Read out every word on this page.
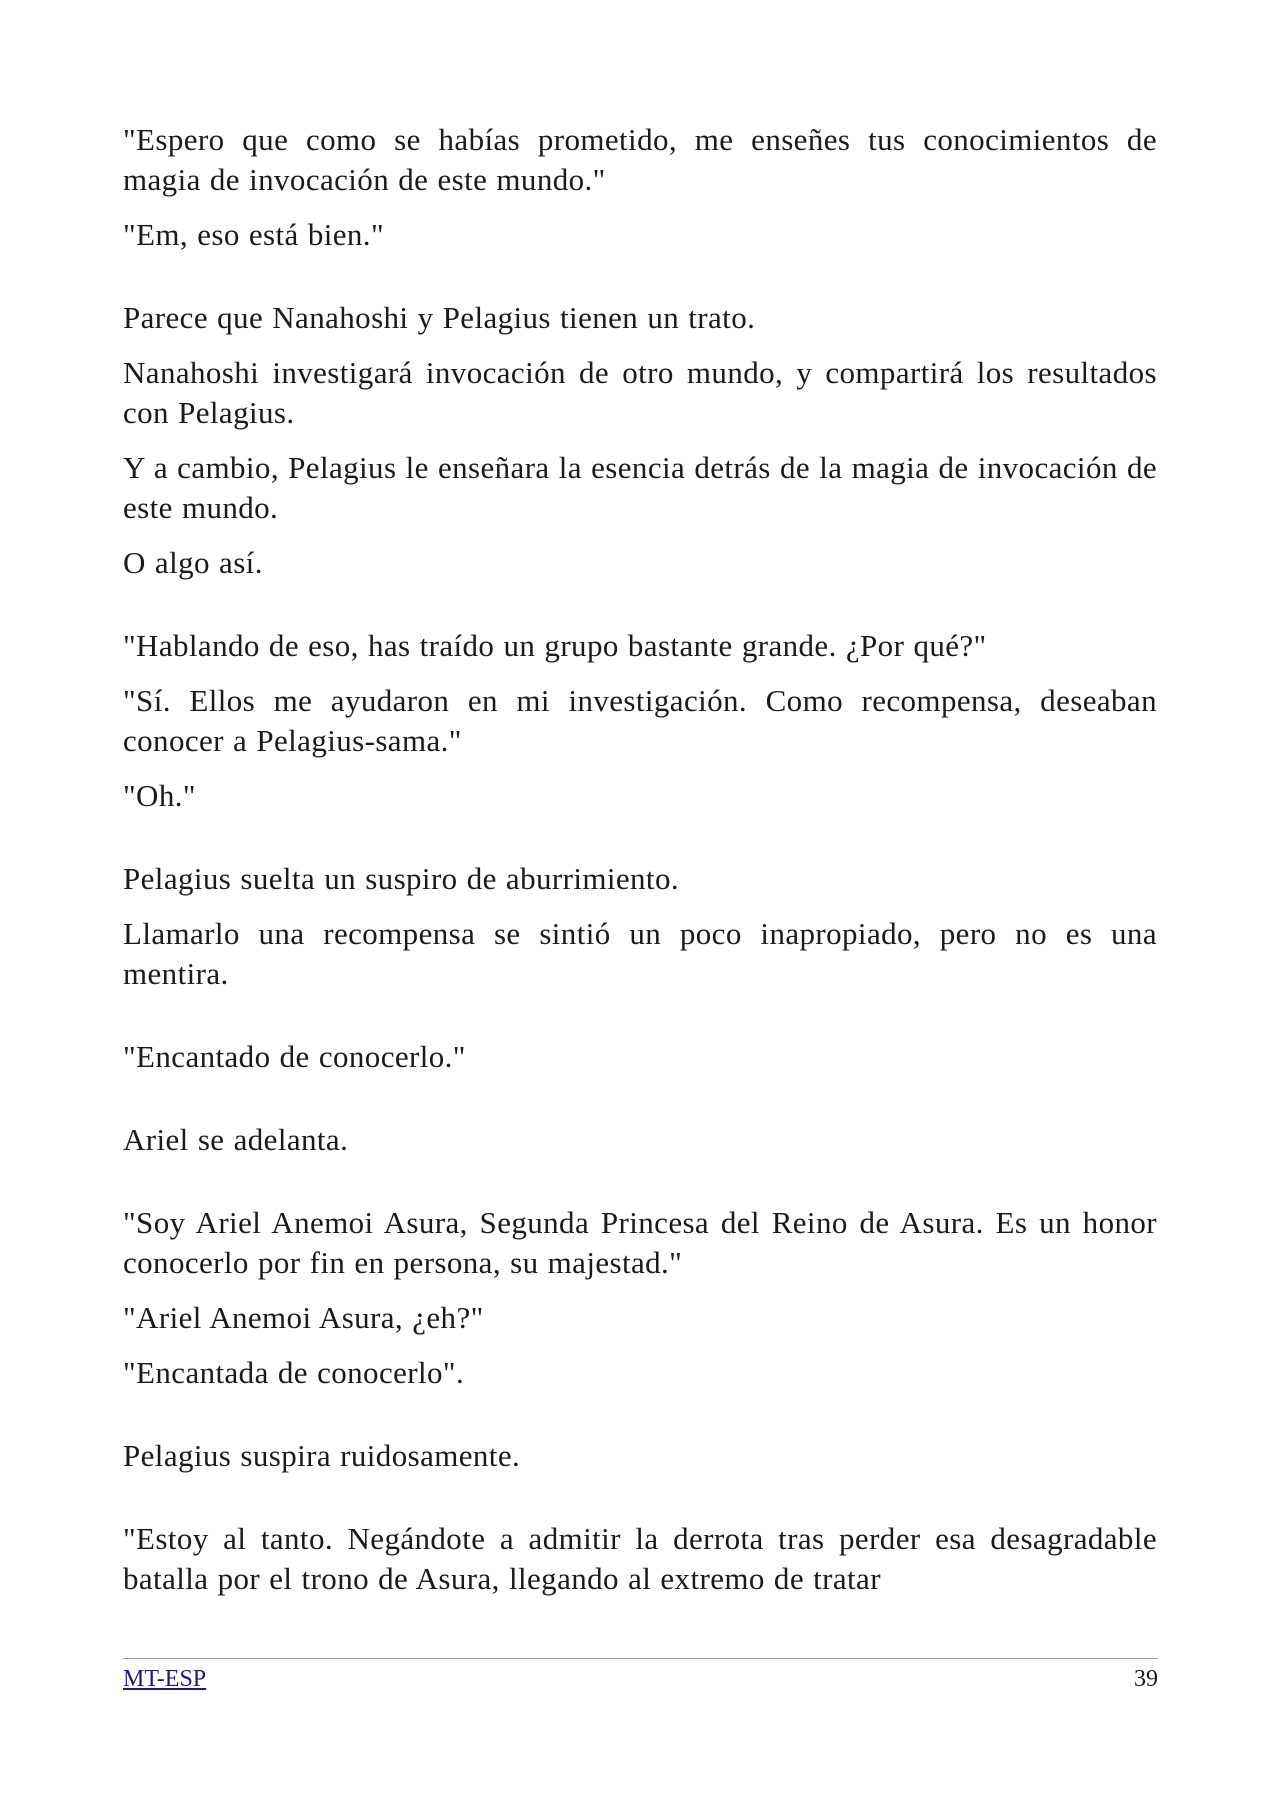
"Espero que como se habías prometido, me enseñes tus conocimientos de magia de invocación de este mundo."

"Em, eso está bien."

Parece que Nanahoshi y Pelagius tienen un trato.

Nanahoshi investigará invocación de otro mundo, y compartirá los resultados con Pelagius.

Y a cambio, Pelagius le enseñara la esencia detrás de la magia de invocación de este mundo.

O algo así.

"Hablando de eso, has traído un grupo bastante grande. ¿Por qué?"

"Sí. Ellos me ayudaron en mi investigación. Como recompensa, deseaban conocer a Pelagius-sama."

"Oh."

Pelagius suelta un suspiro de aburrimiento.

Llamarlo una recompensa se sintió un poco inapropiado, pero no es una mentira.

"Encantado de conocerlo."

Ariel se adelanta.

"Soy Ariel Anemoi Asura, Segunda Princesa del Reino de Asura. Es un honor conocerlo por fin en persona, su majestad."

"Ariel Anemoi Asura, ¿eh?"

"Encantada de conocerlo".

Pelagius suspira ruidosamente.

"Estoy al tanto. Negándote a admitir la derrota tras perder esa desagradable batalla por el trono de Asura, llegando al extremo de tratar

MT-ESP	39
